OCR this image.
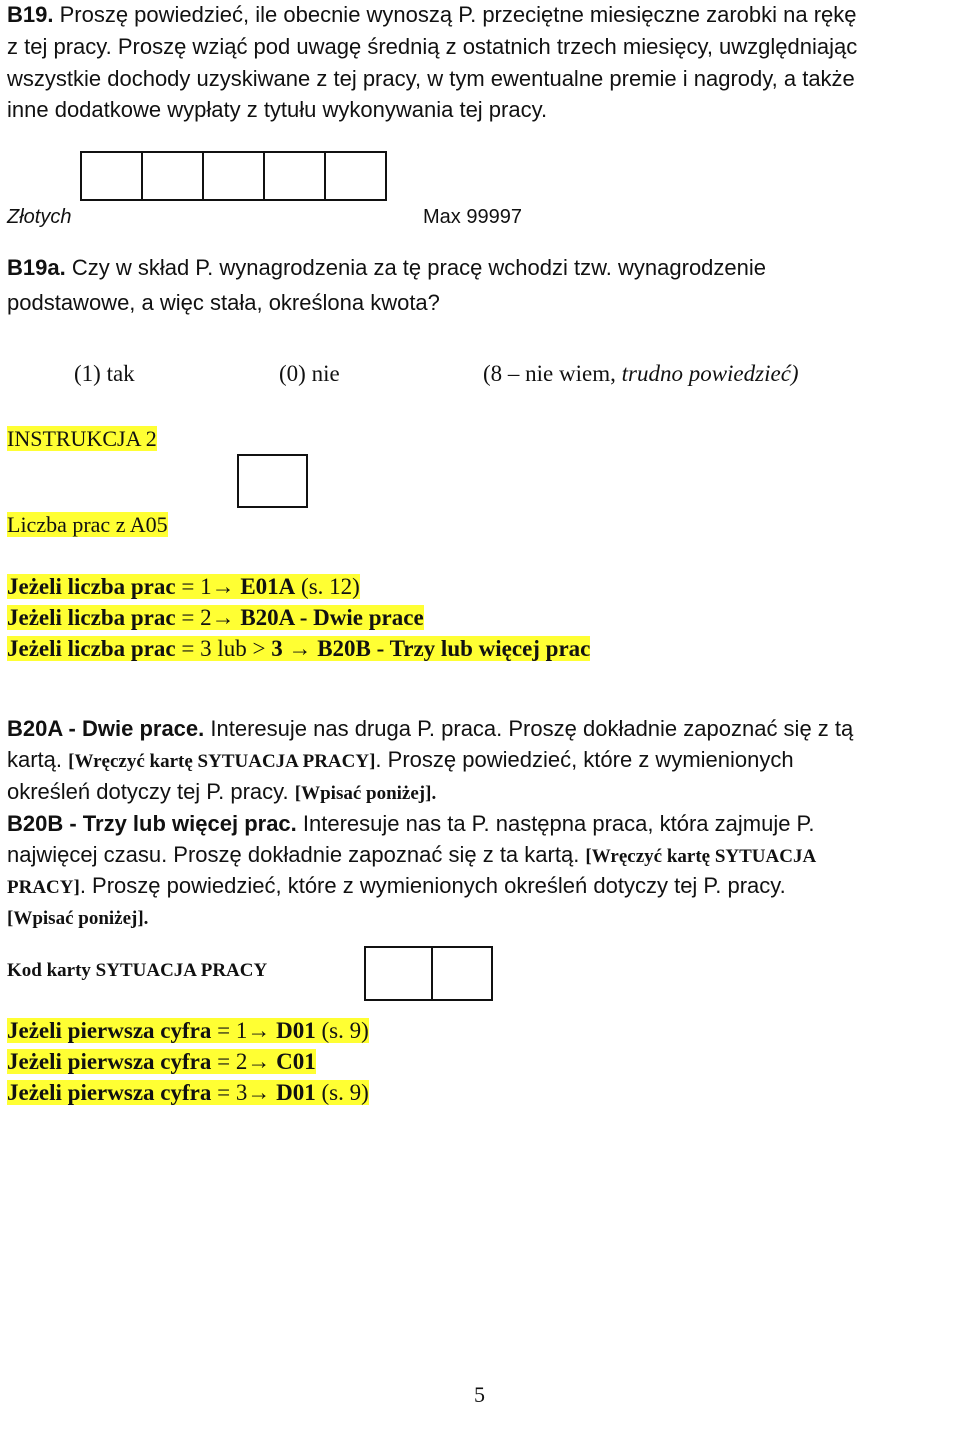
B19. Proszę powiedzieć, ile obecnie wynoszą P. przeciętne miesięczne zarobki na rękę
z tej pracy. Proszę wziąć pod uwagę średnią z ostatnich trzech miesięcy, uwzględniając
wszystkie dochody uzyskiwane z tej pracy, w tym ewentualne premie i nagrody, a także
inne dodatkowe wypłaty z tytułu wykonywania tej pracy.
Złotych	Max 99997
B19a. Czy w skład P. wynagrodzenia za tę pracę wchodzi tzw. wynagrodzenie
podstawowe, a więc stała, określona kwota?
(1) tak	(0) nie	(8 – nie wiem, trudno powiedzieć)
INSTRUKCJA 2
Liczba prac z A05
Jeżeli liczba prac = 1→ E01A (s. 12)
Jeżeli liczba prac = 2→ B20A - Dwie prace
Jeżeli liczba prac = 3 lub > 3 → B20B - Trzy lub więcej prac
B20A - Dwie prace. Interesuje nas druga P. praca. Proszę dokładnie zapoznać się z tą
kartą. [Wręczyć kartę SYTUACJA PRACY]. Proszę powiedzieć, które z wymienionych
określeń dotyczy tej P. pracy. [Wpisać poniżej].
B20B - Trzy lub więcej prac. Interesuje nas ta P. następna praca, która zajmuje P.
najwięcej czasu. Proszę dokładnie zapoznać się z ta kartą. [Wręczyć kartę SYTUACJA
PRACY]. Proszę powiedzieć, które z wymienionych określeń dotyczy tej P. pracy.
[Wpisać poniżej].
Kod karty SYTUACJA PRACY
Jeżeli pierwsza cyfra = 1→ D01 (s. 9)
Jeżeli pierwsza cyfra = 2→ C01
Jeżeli pierwsza cyfra = 3→ D01 (s. 9)
5
